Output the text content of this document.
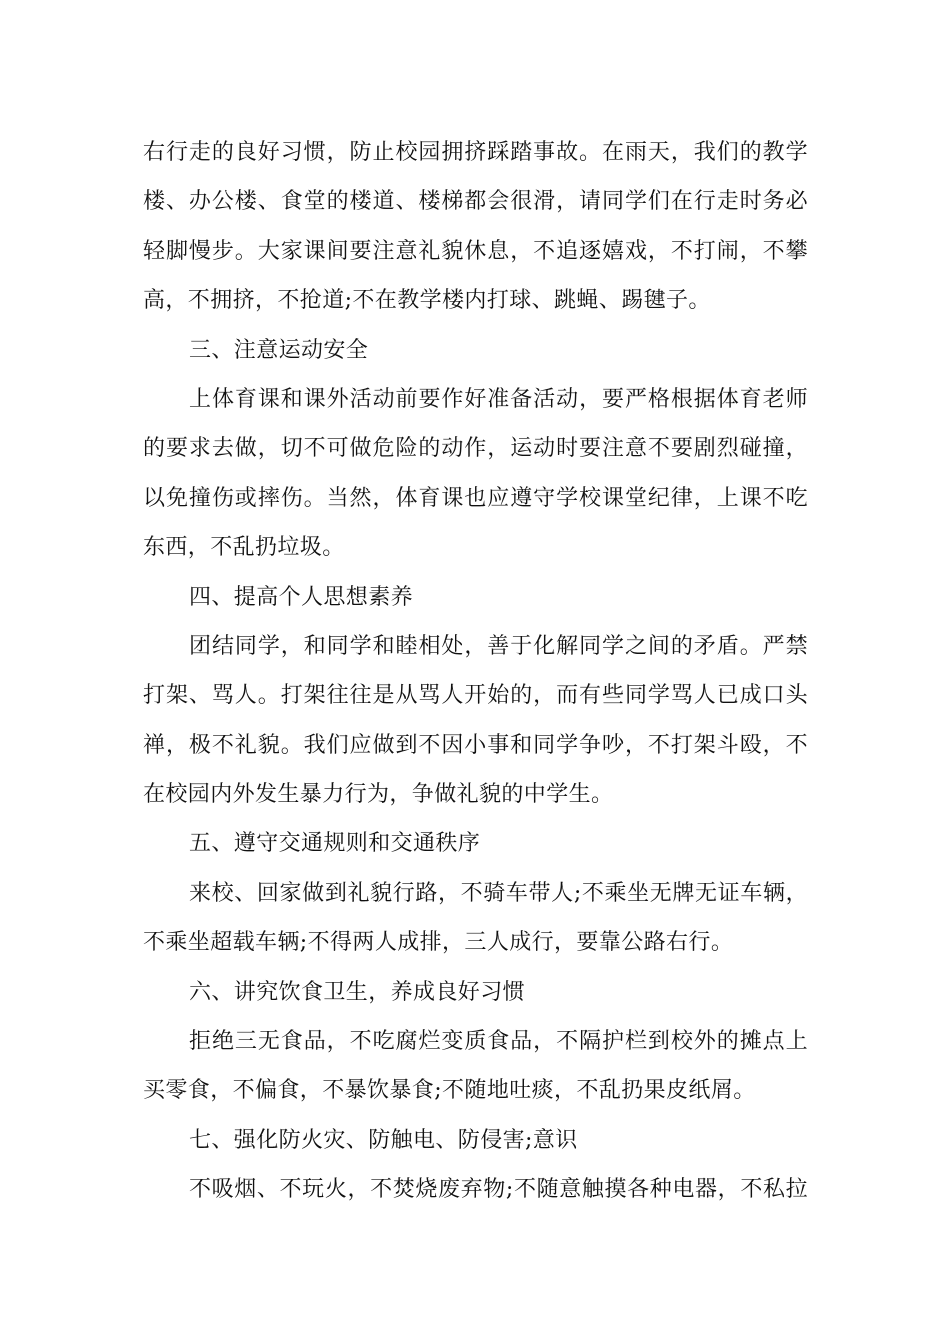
右行走的良好习惯，防止校园拥挤踩踏事故。在雨天，我们的教学
楼、办公楼、食堂的楼道、楼梯都会很滑，请同学们在行走时务必
轻脚慢步。大家课间要注意礼貌休息，不追逐嬉戏，不打闹，不攀
高，不拥挤，不抢道;不在教学楼内打球、跳蝇、踢毽子。
三、注意运动安全
上体育课和课外活动前要作好准备活动，要严格根据体育老师
的要求去做，切不可做危险的动作，运动时要注意不要剧烈碰撞，
以免撞伤或摔伤。当然，体育课也应遵守学校课堂纪律，上课不吃
东西，不乱扔垃圾。
四、提高个人思想素养
团结同学，和同学和睦相处，善于化解同学之间的矛盾。严禁
打架、骂人。打架往往是从骂人开始的，而有些同学骂人已成口头
禅，极不礼貌。我们应做到不因小事和同学争吵，不打架斗殴，不
在校园内外发生暴力行为，争做礼貌的中学生。
五、遵守交通规则和交通秩序
来校、回家做到礼貌行路，不骑车带人;不乘坐无牌无证车辆，
不乘坐超载车辆;不得两人成排，三人成行，要靠公路右行。
六、讲究饮食卫生，养成良好习惯
拒绝三无食品，不吃腐烂变质食品，不隔护栏到校外的摊点上
买零食，不偏食，不暴饮暴食;不随地吐痰，不乱扔果皮纸屑。
七、强化防火灾、防触电、防侵害;意识
不吸烟、不玩火，不焚烧废弃物;不随意触摸各种电器，不私拉
